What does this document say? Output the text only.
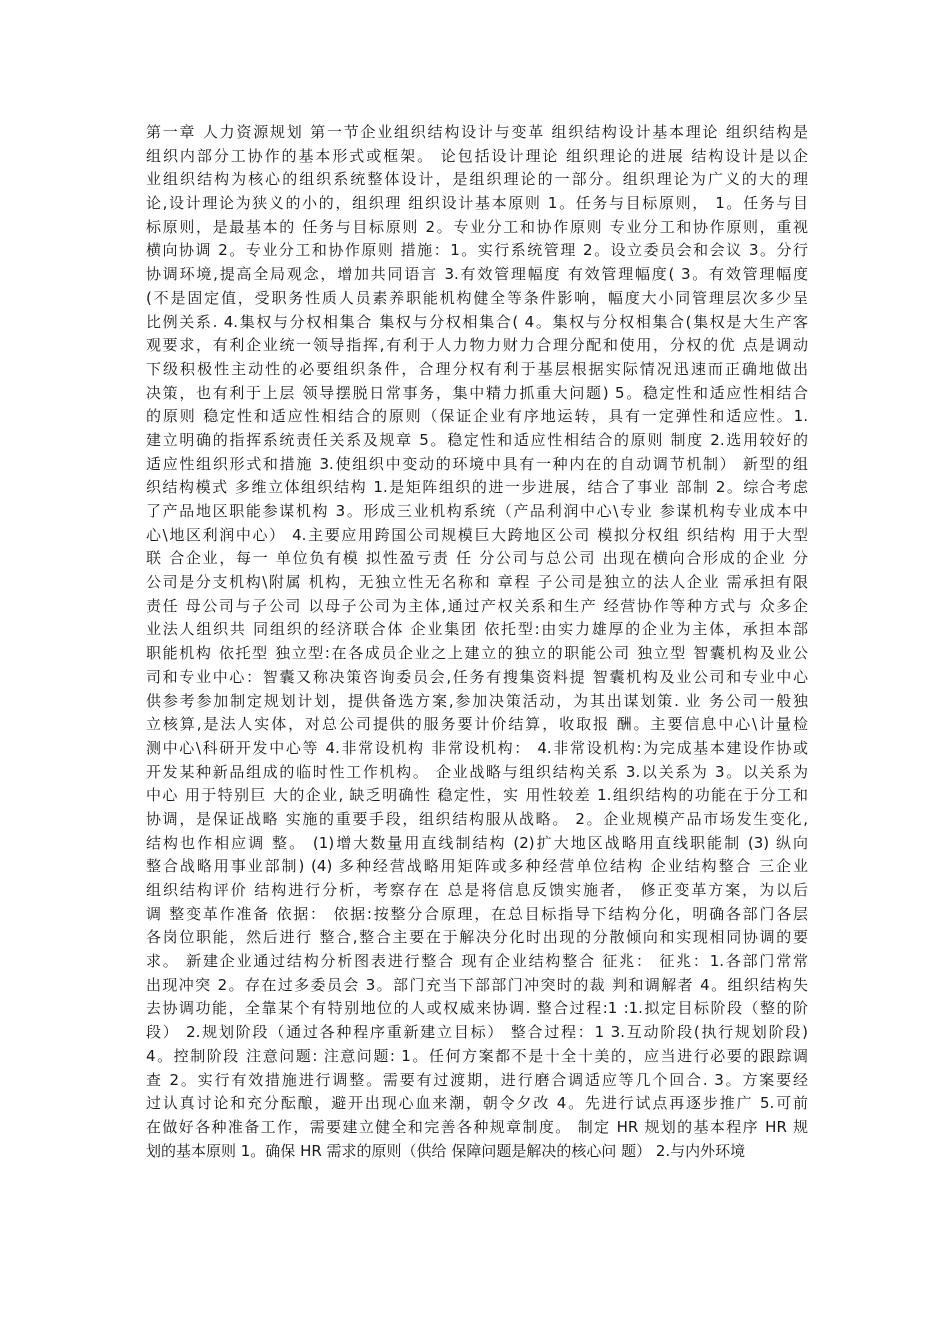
第一章 人力资源规划 第一节企业组织结构设计与变革 组织结构设计基本理论 组织结构是
组织内部分工协作的基本形式或框架。 论包括设计理论 组织理论的进展 结构设计是以企
业组织结构为核心的组织系统整体设计，是组织理论的一部分。组织理论为广义的大的理
论,设计理论为狭义的小的，组织理 组织设计基本原则 1。任务与目标原则， 1。任务与目
标原则，是最基本的 任务与目标原则 2。专业分工和协作原则 专业分工和协作原则，重视
横向协调 2。专业分工和协作原则 措施：1。实行系统管理 2。设立委员会和会议 3。分行
协调环境,提高全局观念，增加共同语言 3.有效管理幅度 有效管理幅度( 3。有效管理幅度
(不是固定值，受职务性质人员素养职能机构健全等条件影响，幅度大小同管理层次多少呈
比例关系. 4.集权与分权相集合 集权与分权相集合( 4。集权与分权相集合(集权是大生产客
观要求，有利企业统一领导指挥,有利于人力物力财力合理分配和使用，分权的优 点是调动
下级积极性主动性的必要组织条件，合理分权有利于基层根据实际情况迅速而正确地做出
决策，也有利于上层 领导摆脱日常事务，集中精力抓重大问题) 5。稳定性和适应性相结合
的原则 稳定性和适应性相结合的原则（保证企业有序地运转，具有一定弹性和适应性。1.
建立明确的指挥系统责任关系及规章 5。稳定性和适应性相结合的原则 制度 2.选用较好的
适应性组织形式和措施 3.使组织中变动的环境中具有一种内在的自动调节机制） 新型的组
织结构模式 多维立体组织结构 1.是矩阵组织的进一步进展，结合了事业 部制 2。综合考虑
了产品地区职能参谋机构 3。形成三业机构系统（产品利润中心\专业 参谋机构专业成本中
心\地区利润中心） 4.主要应用跨国公司规模巨大跨地区公司 模拟分权组 织结构 用于大型
联 合企业，每一 单位负有模 拟性盈亏责 任 分公司与总公司 出现在横向合形成的企业 分
公司是分支机构\附属 机构，无独立性无名称和 章程 子公司是独立的法人企业 需承担有限
责任 母公司与子公司 以母子公司为主体,通过产权关系和生产 经营协作等种方式与 众多企
业法人组织共 同组织的经济联合体 企业集团 依托型:由实力雄厚的企业为主体，承担本部
职能机构 依托型 独立型:在各成员企业之上建立的独立的职能公司 独立型 智囊机构及业公
司和专业中心：智囊又称决策咨询委员会,任务有搜集资料提 智囊机构及业公司和专业中心
供参考参加制定规划计划，提供备选方案,参加决策活动，为其出谋划策. 业 务公司一般独
立核算,是法人实体，对总公司提供的服务要计价结算，收取报 酬。主要信息中心\计量检
测中心\科研开发中心等 4.非常设机构 非常设机构： 4.非常设机构:为完成基本建设作协或
开发某种新品组成的临时性工作机构。 企业战略与组织结构关系 3.以关系为 3。以关系为
中心 用于特别巨 大的企业, 缺乏明确性 稳定性，实 用性较差 1.组织结构的功能在于分工和
协调，是保证战略 实施的重要手段，组织结构服从战略。 2。企业规模产品市场发生变化,
结构也作相应调 整。 (1)增大数量用直线制结构 (2)扩大地区战略用直线职能制 (3) 纵向
整合战略用事业部制) (4) 多种经营战略用矩阵或多种经营单位结构 企业结构整合 三企业
组织结构评价 结构进行分析，考察存在 总是将信息反馈实施者， 修正变革方案，为以后
调 整变革作准备 依据： 依据:按整分合原理，在总目标指导下结构分化，明确各部门各层
各岗位职能，然后进行 整合,整合主要在于解决分化时出现的分散倾向和实现相同协调的要
求。 新建企业通过结构分析图表进行整合 现有企业结构整合 征兆： 征兆：1.各部门常常
出现冲突 2。存在过多委员会 3。部门充当下部部门冲突时的裁 判和调解者 4。组织结构失
去协调功能，全靠某个有特别地位的人或权威来协调. 整合过程:1 :1.拟定目标阶段（整的阶
段） 2.规划阶段（通过各种程序重新建立目标） 整合过程：1 3.互动阶段(执行规划阶段)
4。控制阶段 注意问题: 注意问题: 1。任何方案都不是十全十美的，应当进行必要的跟踪调
查 2。实行有效措施进行调整。需要有过渡期，进行磨合调适应等几个回合. 3。方案要经
过认真讨论和充分酝酿，避开出现心血来潮，朝令夕改 4。先进行试点再逐步推广 5.可前
在做好各种准备工作，需要建立健全和完善各种规章制度。 制定 HR 规划的基本程序 HR 规
划的基本原则 1。确保 HR 需求的原则（供给 保障问题是解决的核心问 题） 2.与内外环境
